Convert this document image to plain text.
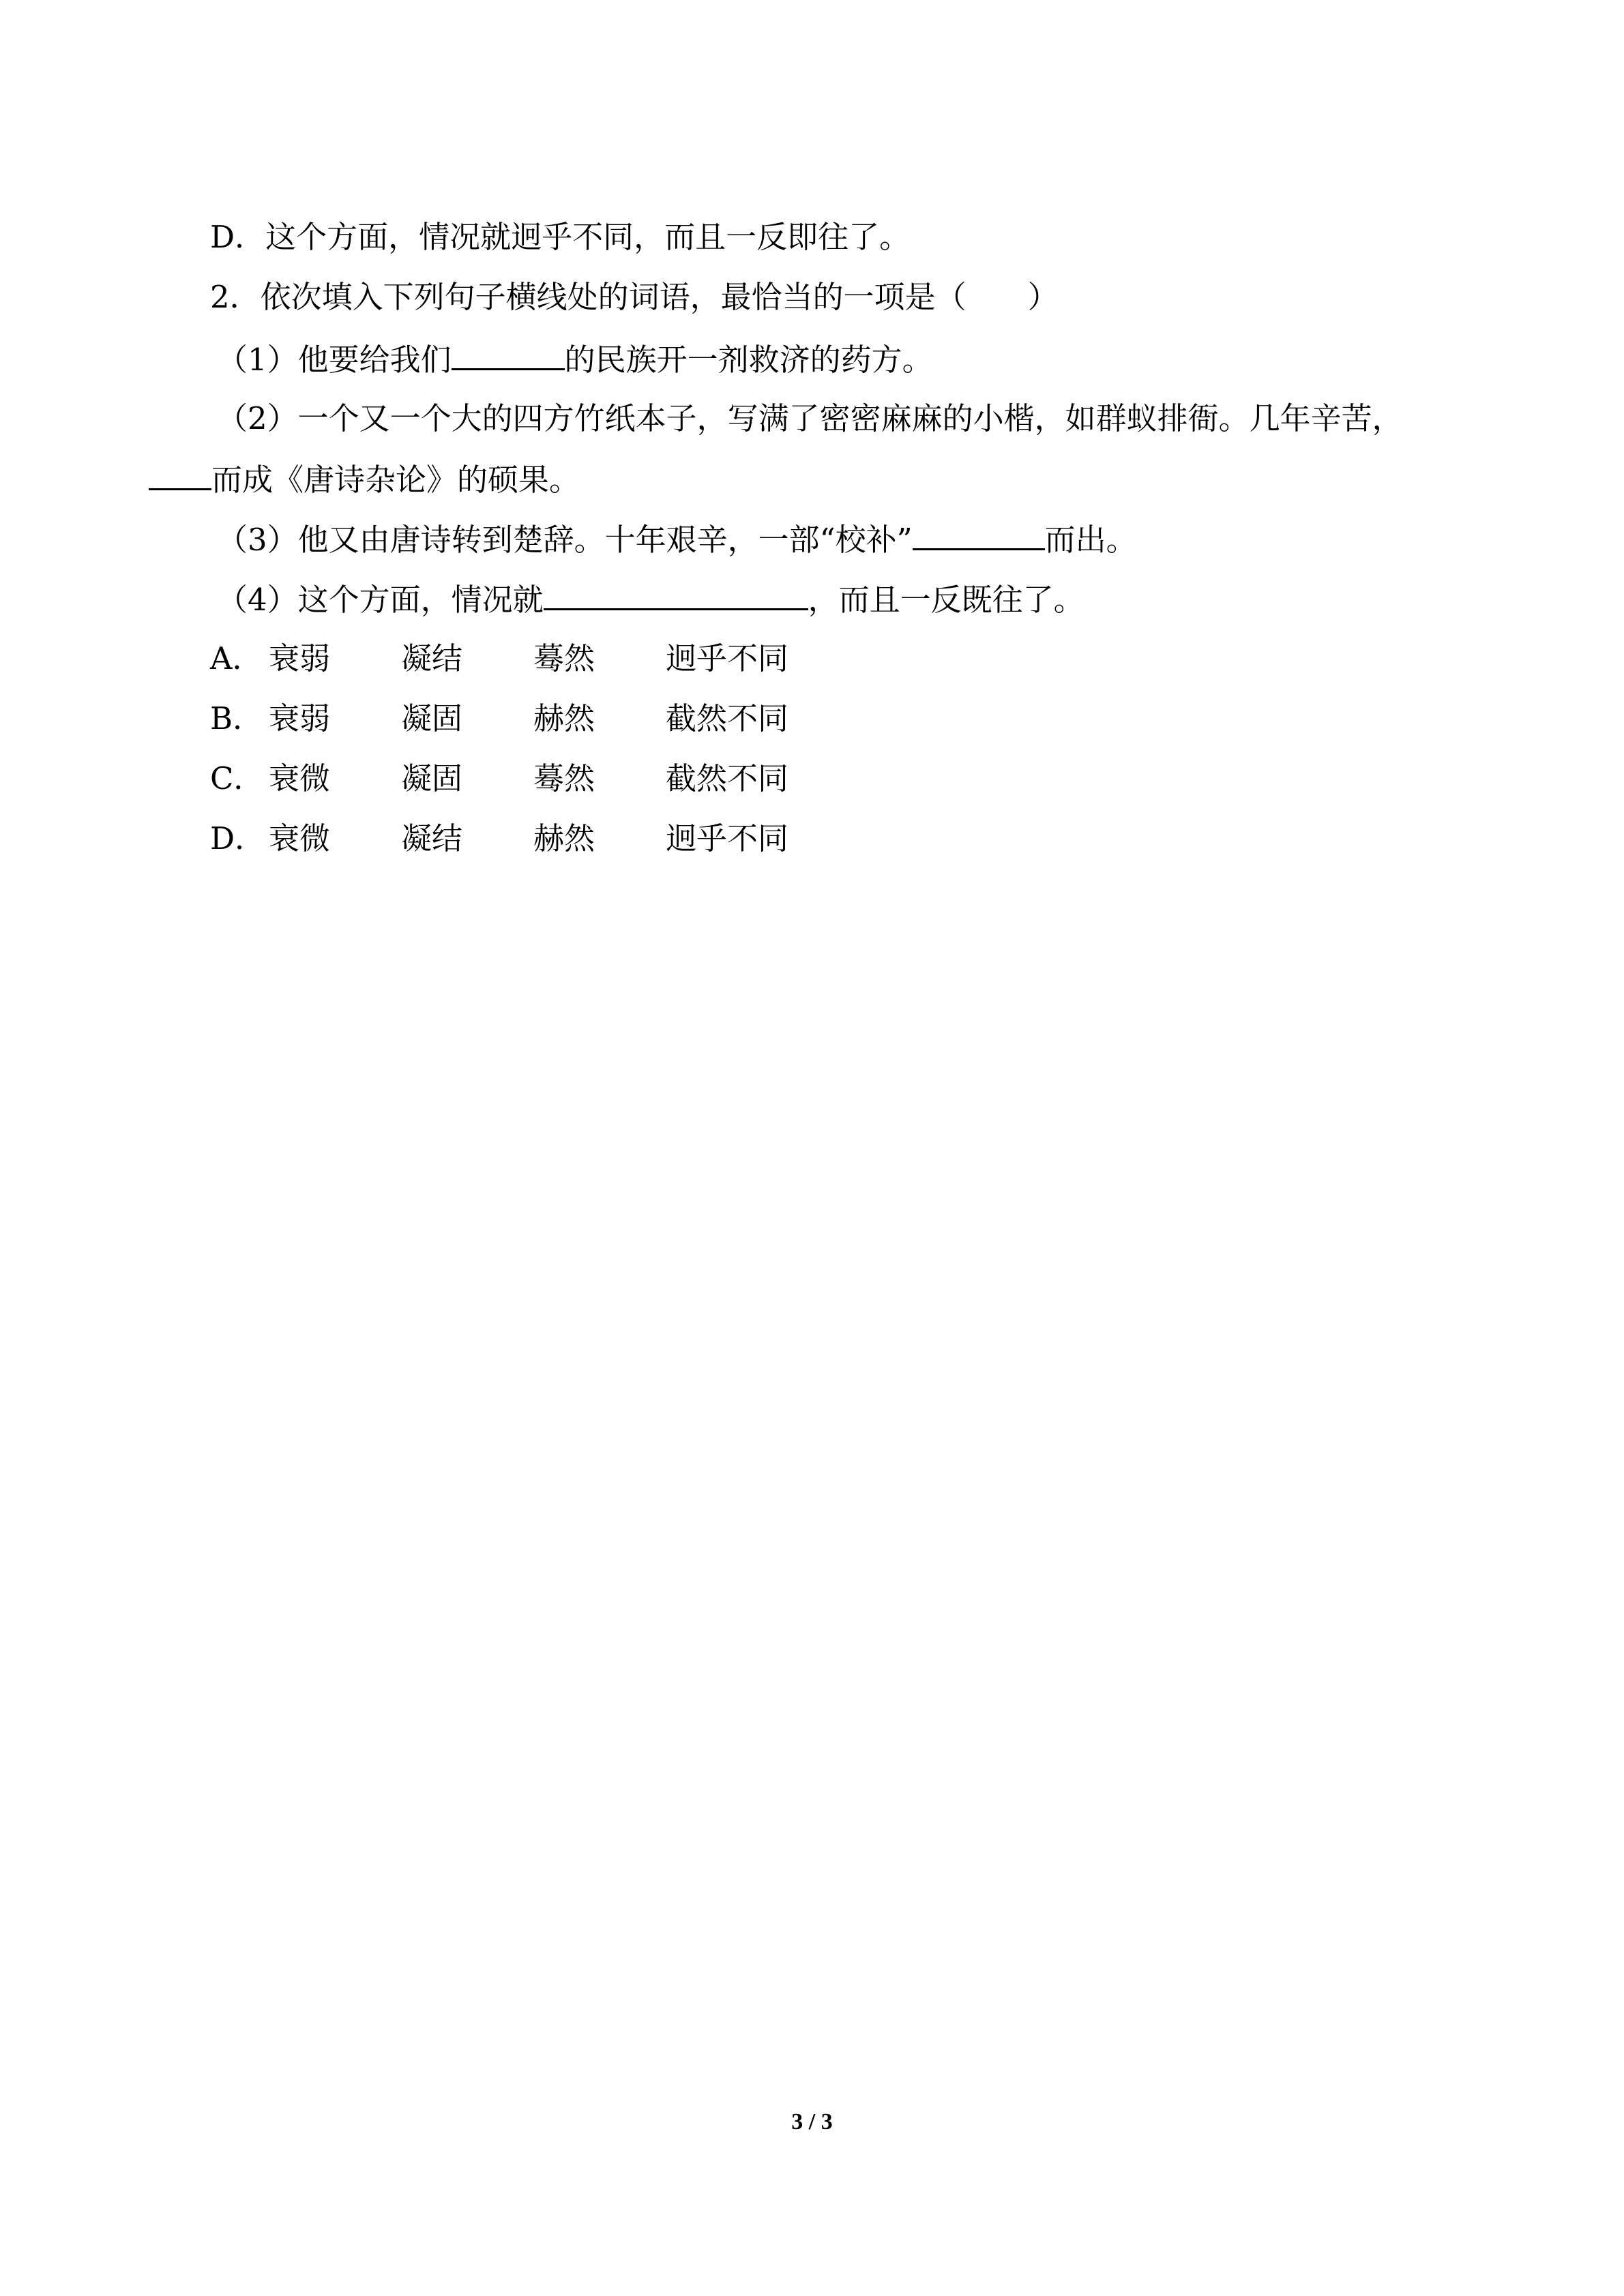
D．这个方面，情况就迥乎不同，而且一反即往了。
2．依次填入下列句子横线处的词语，最恰当的一项是（　　）
（1）他要给我们	的民族开一剂救济的药方。
（2）一个又一个大的四方竹纸本子，写满了密密麻麻的小楷，如群蚁排衙。几年辛苦，
而成《唐诗杂论》的硕果。
（3）他又由唐诗转到楚辞。十年艰辛，一部“校补”	而出。
（4）这个方面，情况就	，而且一反既往了。
A． 衰弱 凝结 蓦然 迥乎不同
B． 衰弱 凝固 赫然 截然不同
C． 衰微 凝固 蓦然 截然不同
D． 衰微 凝结 赫然 迥乎不同
3 / 3
